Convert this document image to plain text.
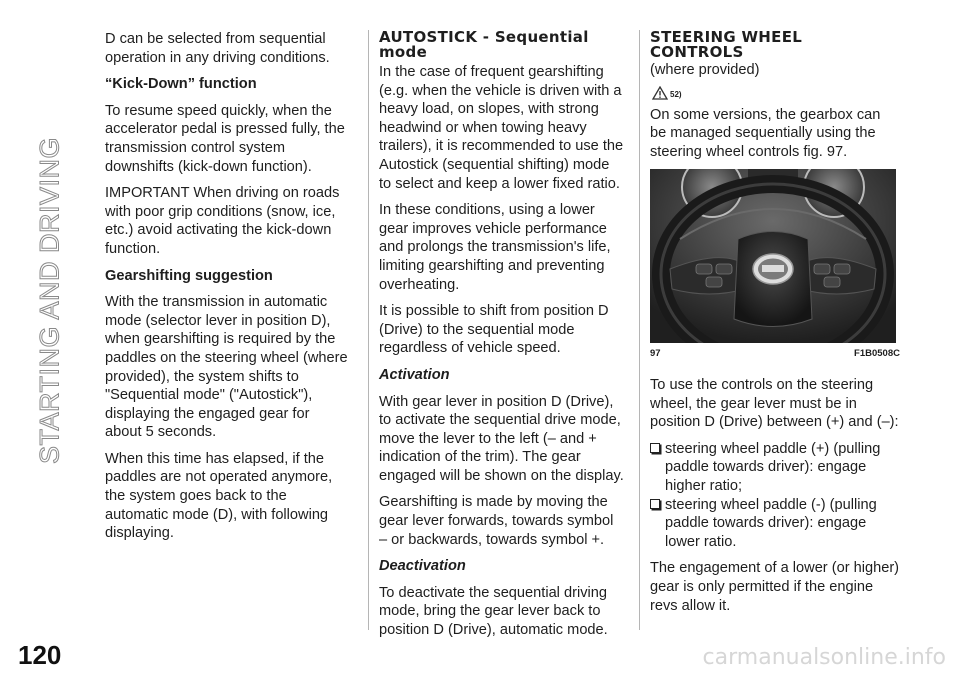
STARTING AND DRIVING
120

D can be selected from sequential operation in any driving conditions.

“Kick-Down” function

To resume speed quickly, when the accelerator pedal is pressed fully, the transmission control system downshifts (kick-down function).

IMPORTANT When driving on roads with poor grip conditions (snow, ice, etc.) avoid activating the kick-down function.

Gearshifting suggestion

With the transmission in automatic mode (selector lever in position D), when gearshifting is required by the paddles on the steering wheel (where provided), the system shifts to "Sequential mode" ("Autostick"), displaying the engaged gear for about 5 seconds.

When this time has elapsed, if the paddles are not operated anymore, the system goes back to the automatic mode (D), with following displaying.

AUTOSTICK - Sequential mode

In the case of frequent gearshifting (e.g. when the vehicle is driven with a heavy load, on slopes, with strong headwind or when towing heavy trailers), it is recommended to use the Autostick (sequential shifting) mode to select and keep a lower fixed ratio.

In these conditions, using a lower gear improves vehicle performance and prolongs the transmission's life, limiting gearshifting and preventing overheating.

It is possible to shift from position D (Drive) to the sequential mode regardless of vehicle speed.

Activation

With gear lever in position D (Drive), to activate the sequential drive mode, move the lever to the left (– and + indication of the trim). The gear engaged will be shown on the display.

Gearshifting is made by moving the gear lever forwards, towards symbol – or backwards, towards symbol +.

Deactivation

To deactivate the sequential driving mode, bring the gear lever back to position D (Drive), automatic mode.

STEERING WHEEL CONTROLS
(where provided)
52)

On some versions, the gearbox can be managed sequentially using the steering wheel controls fig. 97.

97	F1B0508C

To use the controls on the steering wheel, the gear lever must be in position D (Drive) between (+) and (–):

steering wheel paddle (+) (pulling paddle towards driver): engage higher ratio;
steering wheel paddle (-) (pulling paddle towards driver): engage lower ratio.

The engagement of a lower (or higher) gear is only permitted if the engine revs allow it.

carmanualsonline.info
